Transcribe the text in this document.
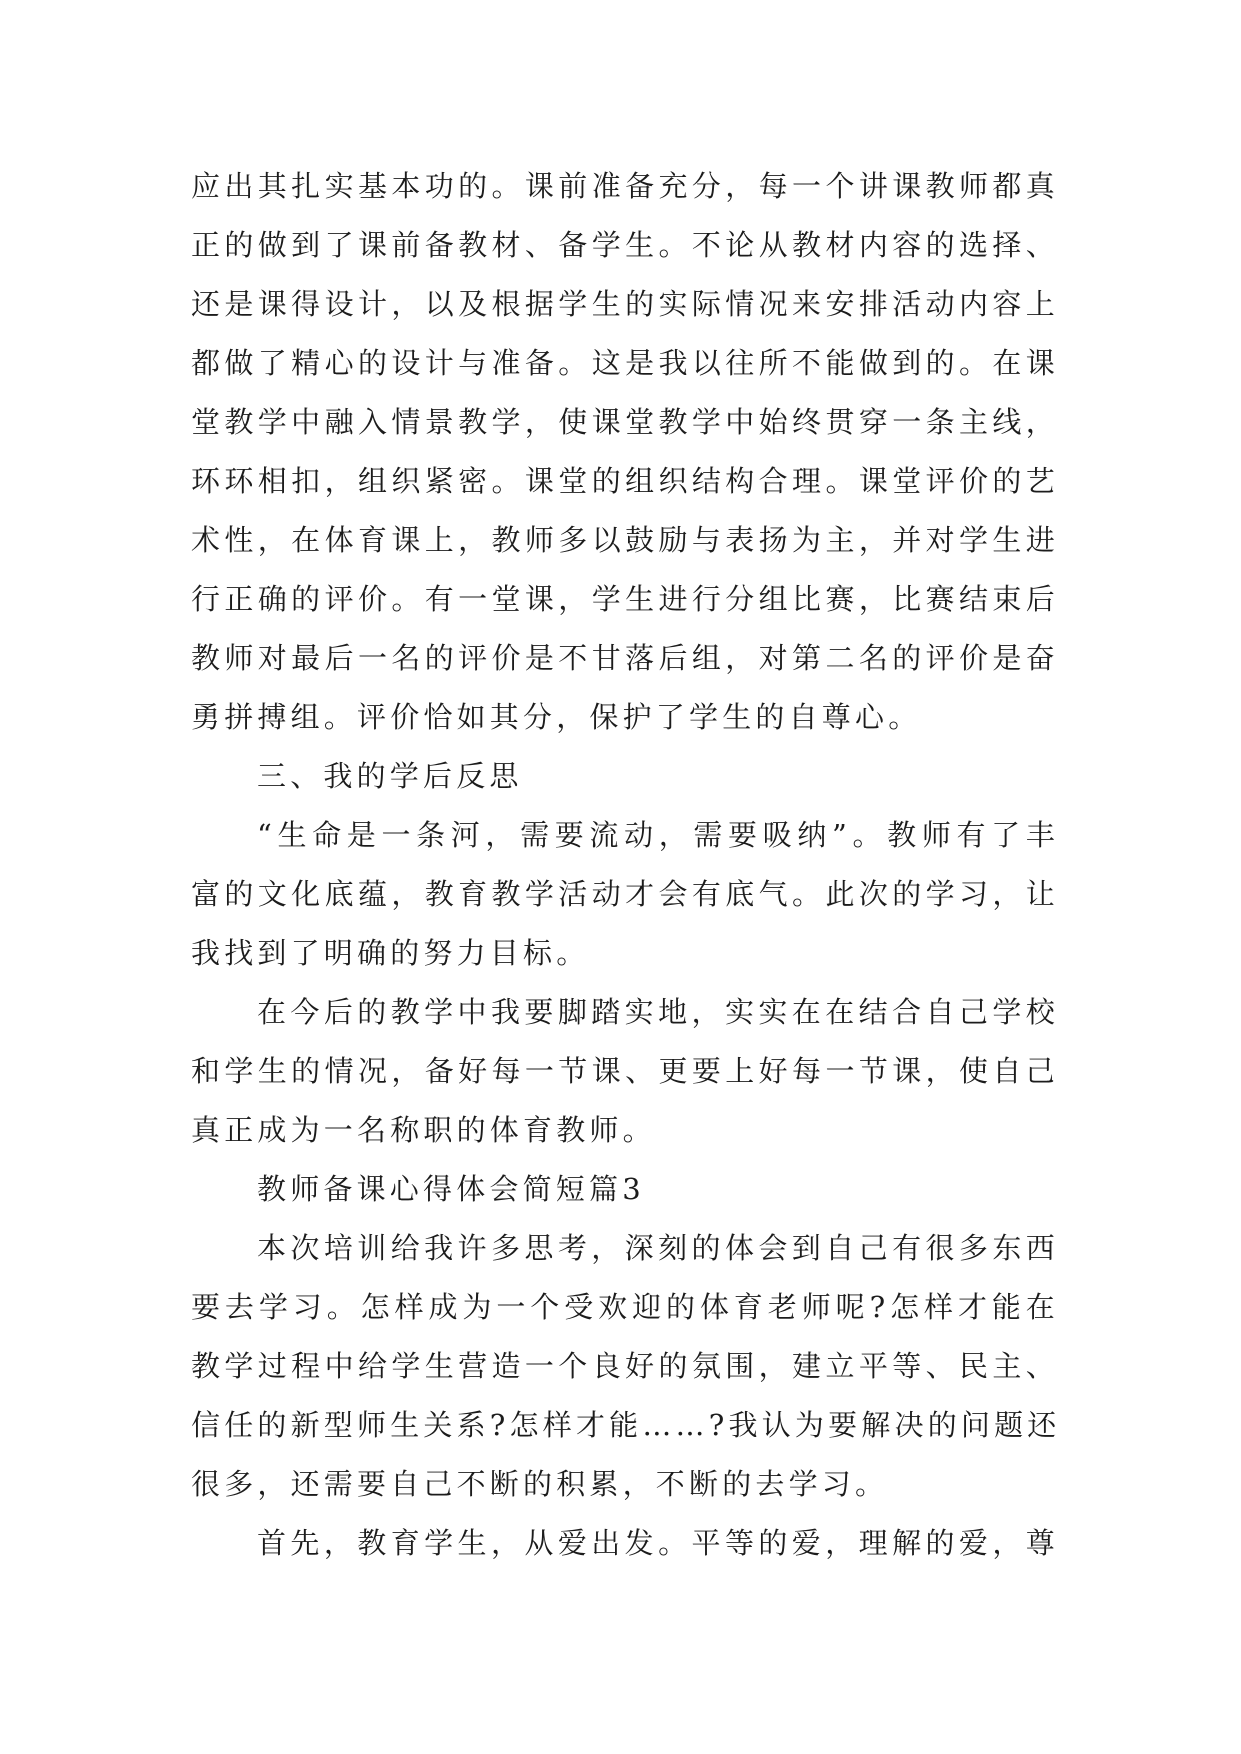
应出其扎实基本功的。课前准备充分，每一个讲课教师都真
正的做到了课前备教材、备学生。不论从教材内容的选择、
还是课得设计，以及根据学生的实际情况来安排活动内容上
都做了精心的设计与准备。这是我以往所不能做到的。在课
堂教学中融入情景教学，使课堂教学中始终贯穿一条主线，
环环相扣，组织紧密。课堂的组织结构合理。课堂评价的艺
术性，在体育课上，教师多以鼓励与表扬为主，并对学生进
行正确的评价。有一堂课，学生进行分组比赛，比赛结束后
教师对最后一名的评价是不甘落后组，对第二名的评价是奋
勇拼搏组。评价恰如其分，保护了学生的自尊心。
三、我的学后反思
“生命是一条河，需要流动，需要吸纳”。教师有了丰
富的文化底蕴，教育教学活动才会有底气。此次的学习，让
我找到了明确的努力目标。
在今后的教学中我要脚踏实地，实实在在结合自己学校
和学生的情况，备好每一节课、更要上好每一节课，使自己
真正成为一名称职的体育教师。
教师备课心得体会简短篇3
本次培训给我许多思考，深刻的体会到自己有很多东西
要去学习。怎样成为一个受欢迎的体育老师呢?怎样才能在
教学过程中给学生营造一个良好的氛围，建立平等、民主、
信任的新型师生关系?怎样才能……?我认为要解决的问题还
很多，还需要自己不断的积累，不断的去学习。
首先，教育学生，从爱出发。平等的爱，理解的爱，尊
